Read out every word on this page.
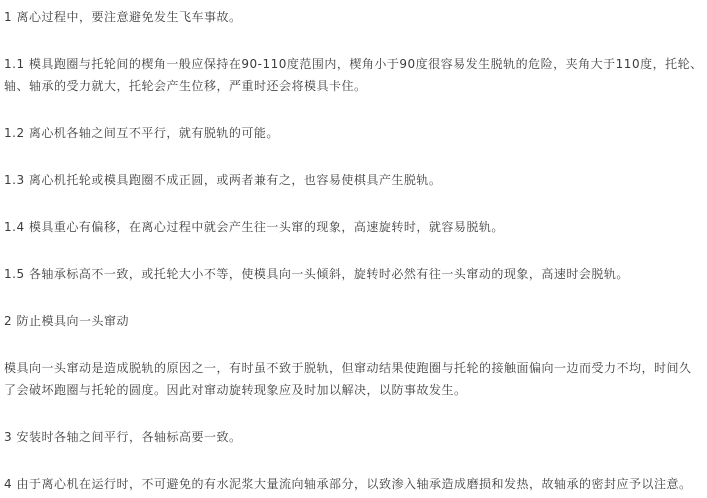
1 离心过程中，要注意避免发生飞车事故。

1.1 模具跑圈与托轮间的楔角一般应保持在90-110度范围内，楔角小于90度很容易发生脱轨的危险，夹角大于110度，托轮、轴、轴承的受力就大，托轮会产生位移，严重时还会将模具卡住。

1.2 离心机各轴之间互不平行，就有脱轨的可能。

1.3 离心机托轮或模具跑圈不成正圆，或两者兼有之，也容易使棋具产生脱轨。

1.4 模具重心有偏移，在离心过程中就会产生往一头窜的现象，高速旋转时，就容易脱轨。

1.5 各轴承标高不一致，或托轮大小不等，使模具向一头倾斜，旋转时必然有往一头窜动的现象，高速时会脱轨。

2 防止模具向一头窜动

模具向一头窜动是造成脱轨的原因之一，有时虽不致于脱轨，但窜动结果使跑圈与托轮的接触面偏向一边而受力不均，时间久了会破坏跑圈与托轮的圆度。因此对窜动旋转现象应及时加以解决，以防事故发生。

3 安装时各轴之间平行，各轴标高要一致。

4 由于离心机在运行时，不可避免的有水泥浆大量流向轴承部分，以致渗入轴承造成磨损和发热，故轴承的密封应予以注意。
